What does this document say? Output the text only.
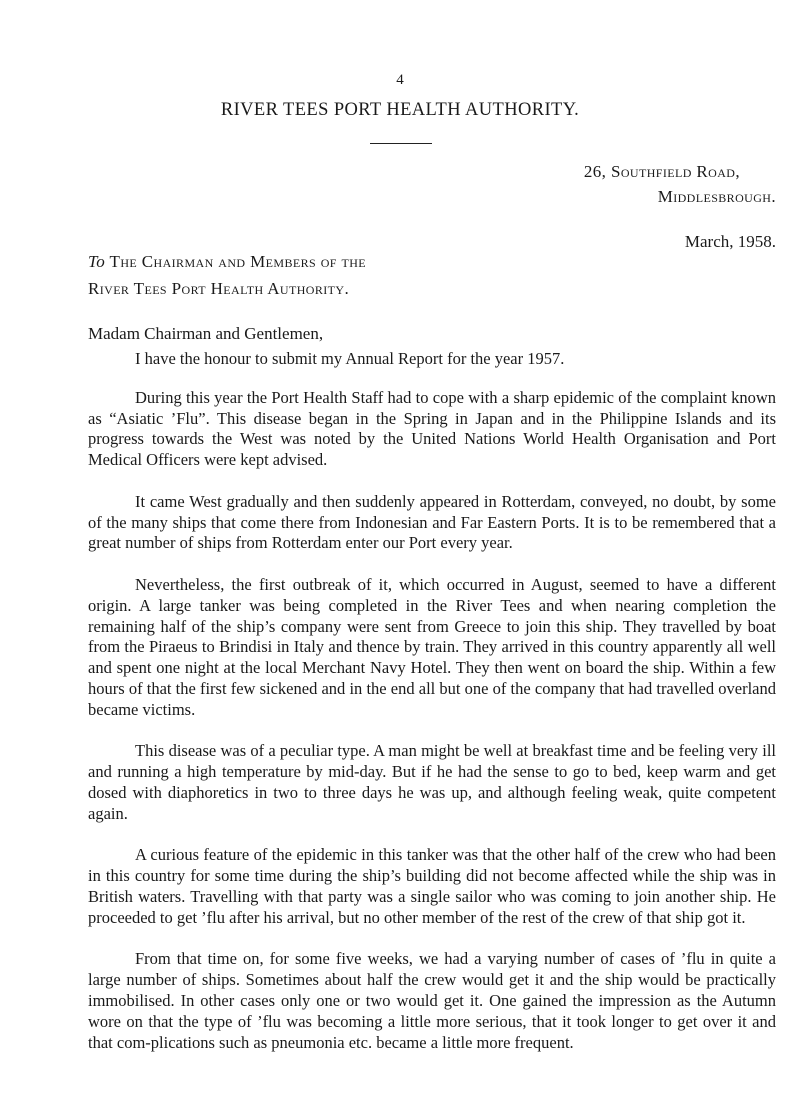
4
RIVER TEES PORT HEALTH AUTHORITY.
26, Southfield Road,
Middlesbrough.
March, 1958.
To The Chairman and Members of the
River Tees Port Health Authority.
Madam Chairman and Gentlemen,

I have the honour to submit my Annual Report for the year 1957.

During this year the Port Health Staff had to cope with a sharp epidemic of the complaint known as “Asiatic ’Flu”. This disease began in the Spring in Japan and in the Philippine Islands and its progress towards the West was noted by the United Nations World Health Organisation and Port Medical Officers were kept advised.

It came West gradually and then suddenly appeared in Rotterdam, conveyed, no doubt, by some of the many ships that come there from Indonesian and Far Eastern Ports. It is to be remembered that a great number of ships from Rotterdam enter our Port every year.

Nevertheless, the first outbreak of it, which occurred in August, seemed to have a different origin. A large tanker was being completed in the River Tees and when nearing completion the remaining half of the ship’s company were sent from Greece to join this ship. They travelled by boat from the Piraeus to Brindisi in Italy and thence by train. They arrived in this country apparently all well and spent one night at the local Merchant Navy Hotel. They then went on board the ship. Within a few hours of that the first few sickened and in the end all but one of the company that had travelled overland became victims.

This disease was of a peculiar type. A man might be well at breakfast time and be feeling very ill and running a high temperature by mid-day. But if he had the sense to go to bed, keep warm and get dosed with diaphoretics in two to three days he was up, and although feeling weak, quite competent again.

A curious feature of the epidemic in this tanker was that the other half of the crew who had been in this country for some time during the ship’s building did not become affected while the ship was in British waters. Travelling with that party was a single sailor who was coming to join another ship. He proceeded to get ’flu after his arrival, but no other member of the rest of the crew of that ship got it.

From that time on, for some five weeks, we had a varying number of cases of ’flu in quite a large number of ships. Sometimes about half the crew would get it and the ship would be practically immobilised. In other cases only one or two would get it. One gained the impression as the Autumn wore on that the type of ’flu was becoming a little more serious, that it took longer to get over it and that com-plications such as pneumonia etc. became a little more frequent.
